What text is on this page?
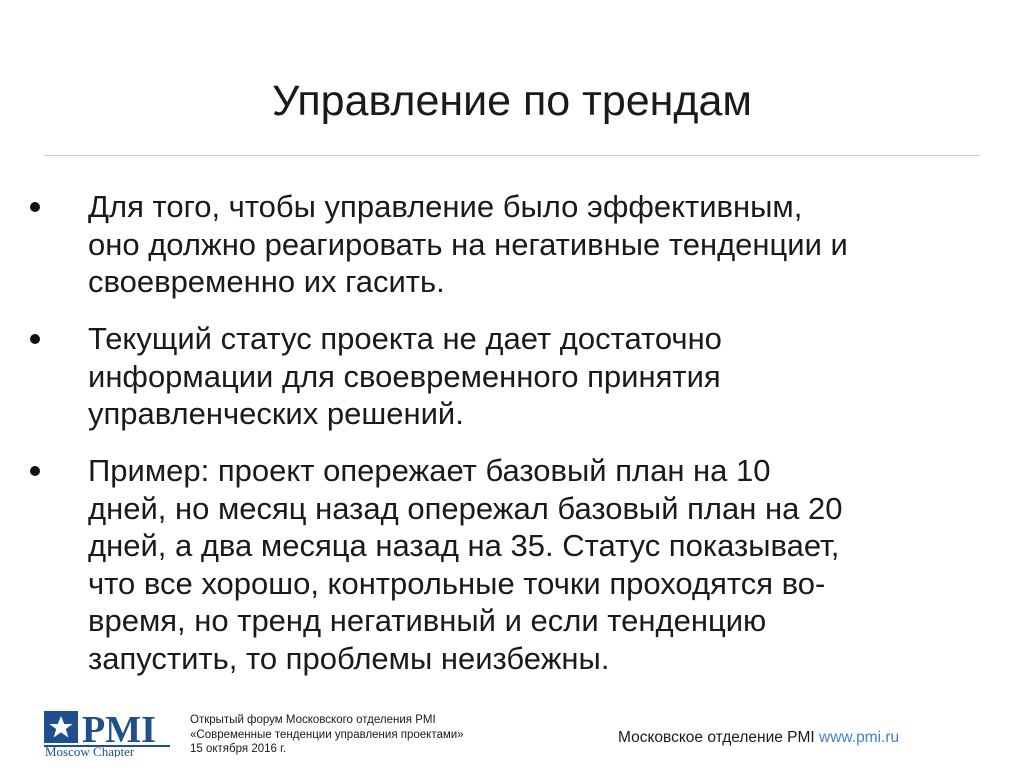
Управление по трендам
Для того, чтобы управление было эффективным,
оно должно реагировать на негативные тенденции и
своевременно их гасить.
Текущий статус проекта не дает достаточно
информации для своевременного принятия
управленческих решений.
Пример: проект опережает базовый план на 10
дней, но месяц назад опережал базовый план на 20
дней, а два месяца назад на 35. Статус показывает,
что все хорошо, контрольные точки проходятся во-
время, но тренд негативный и если тенденцию
запустить, то проблемы неизбежны.
PMI
Moscow Chapter
Открытый форум Московского отделения PMI
«Современные тенденции управления проектами»
15 октября 2016 г.
Московское отделение PMI www.pmi.ru
